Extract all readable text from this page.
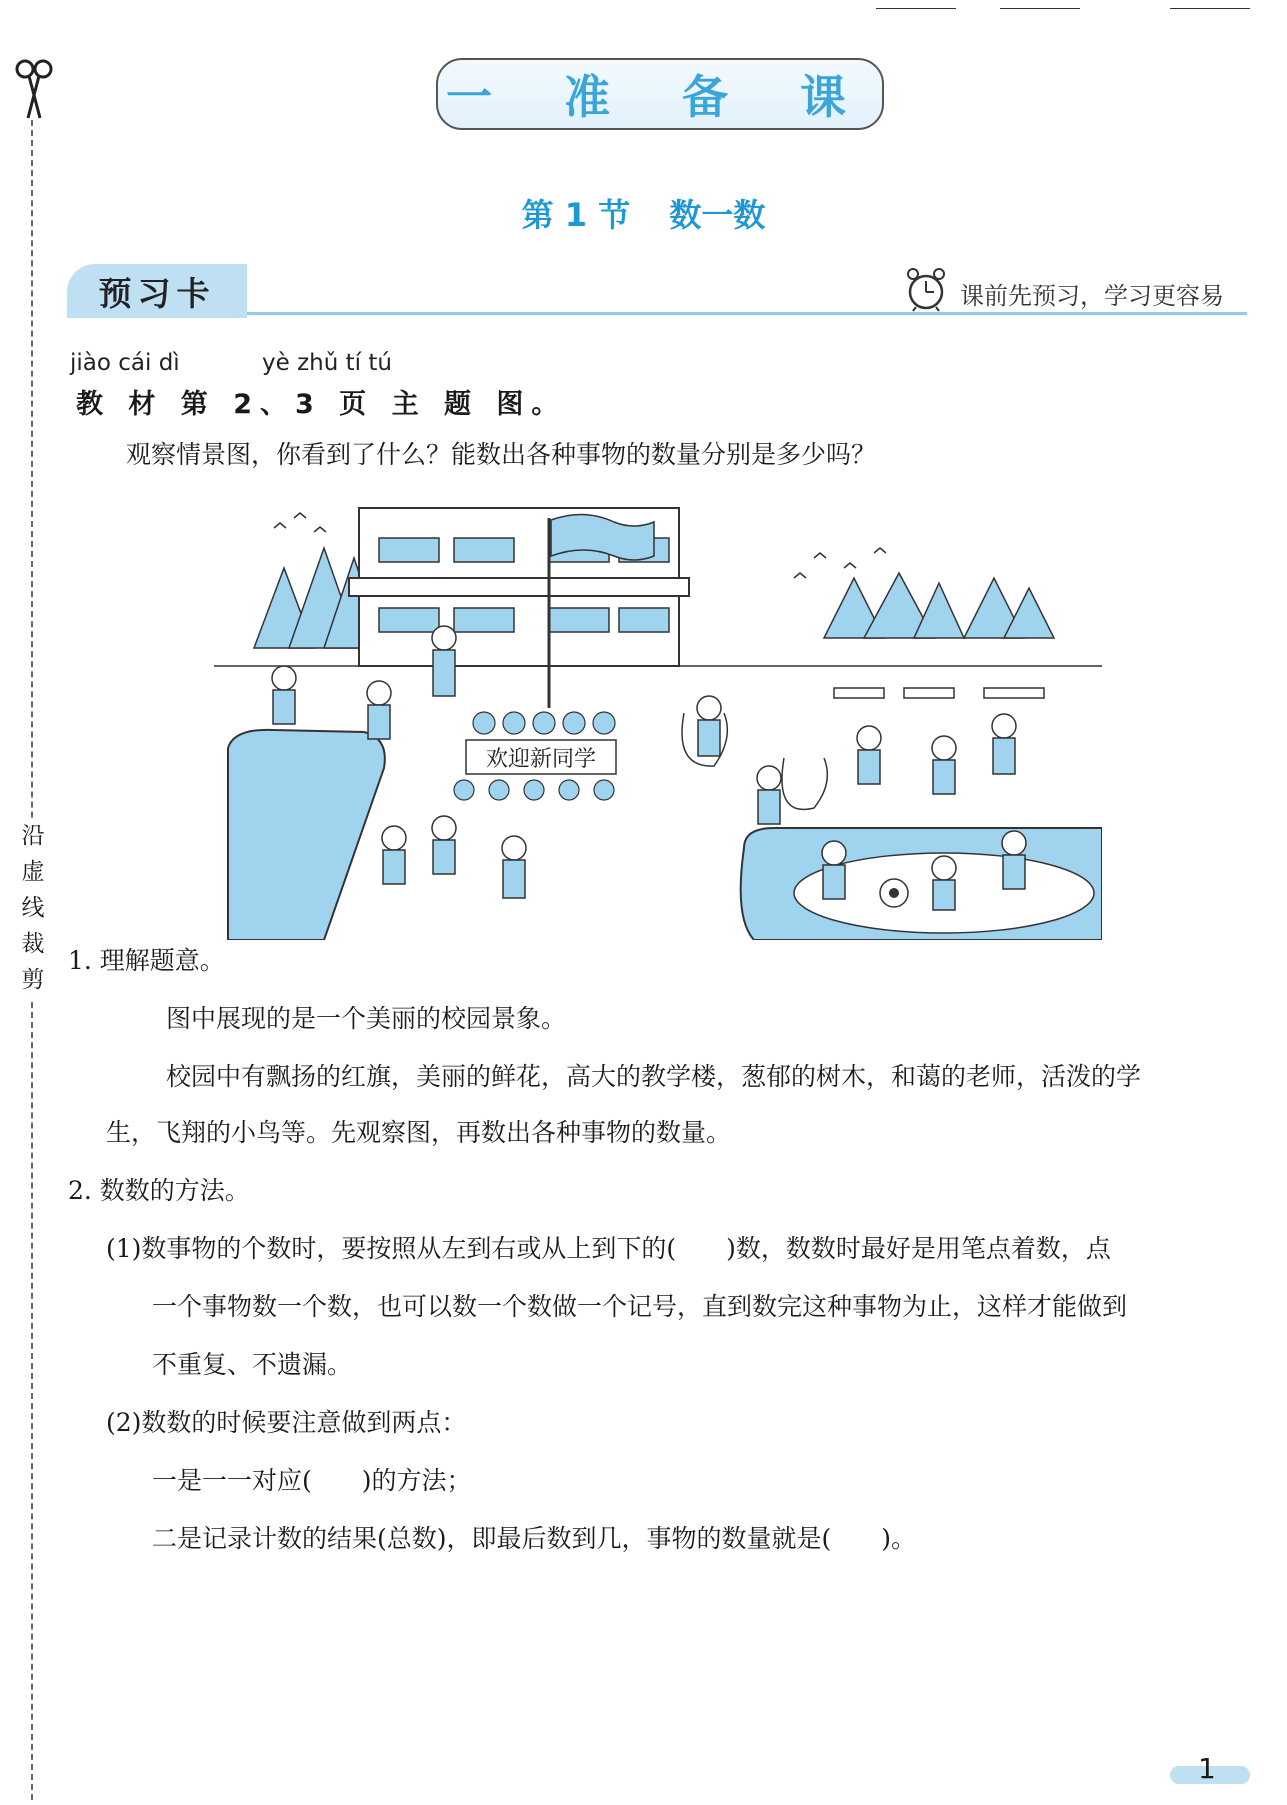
沿虚线裁剪
一 准 备 课
第 1 节 数一数
预习卡	课前先预习，学习更容易
jiào cái dì	yè zhǔ tí tú
教 材 第 2、3 页 主 题 图。
观察情景图，你看到了什么？能数出各种事物的数量分别是多少吗？
欢迎新同学
1. 理解题意。
图中展现的是一个美丽的校园景象。
校园中有飘扬的红旗，美丽的鲜花，高大的教学楼，葱郁的树木，和蔼的老师，活泼的学
生，飞翔的小鸟等。先观察图，再数出各种事物的数量。
2. 数数的方法。
(1)数事物的个数时，要按照从左到右或从上到下的(　　)数，数数时最好是用笔点着数，点
一个事物数一个数，也可以数一个数做一个记号，直到数完这种事物为止，这样才能做到
不重复、不遗漏。
(2)数数的时候要注意做到两点：
一是一一对应(　　)的方法；
二是记录计数的结果(总数)，即最后数到几，事物的数量就是(　　)。
1
